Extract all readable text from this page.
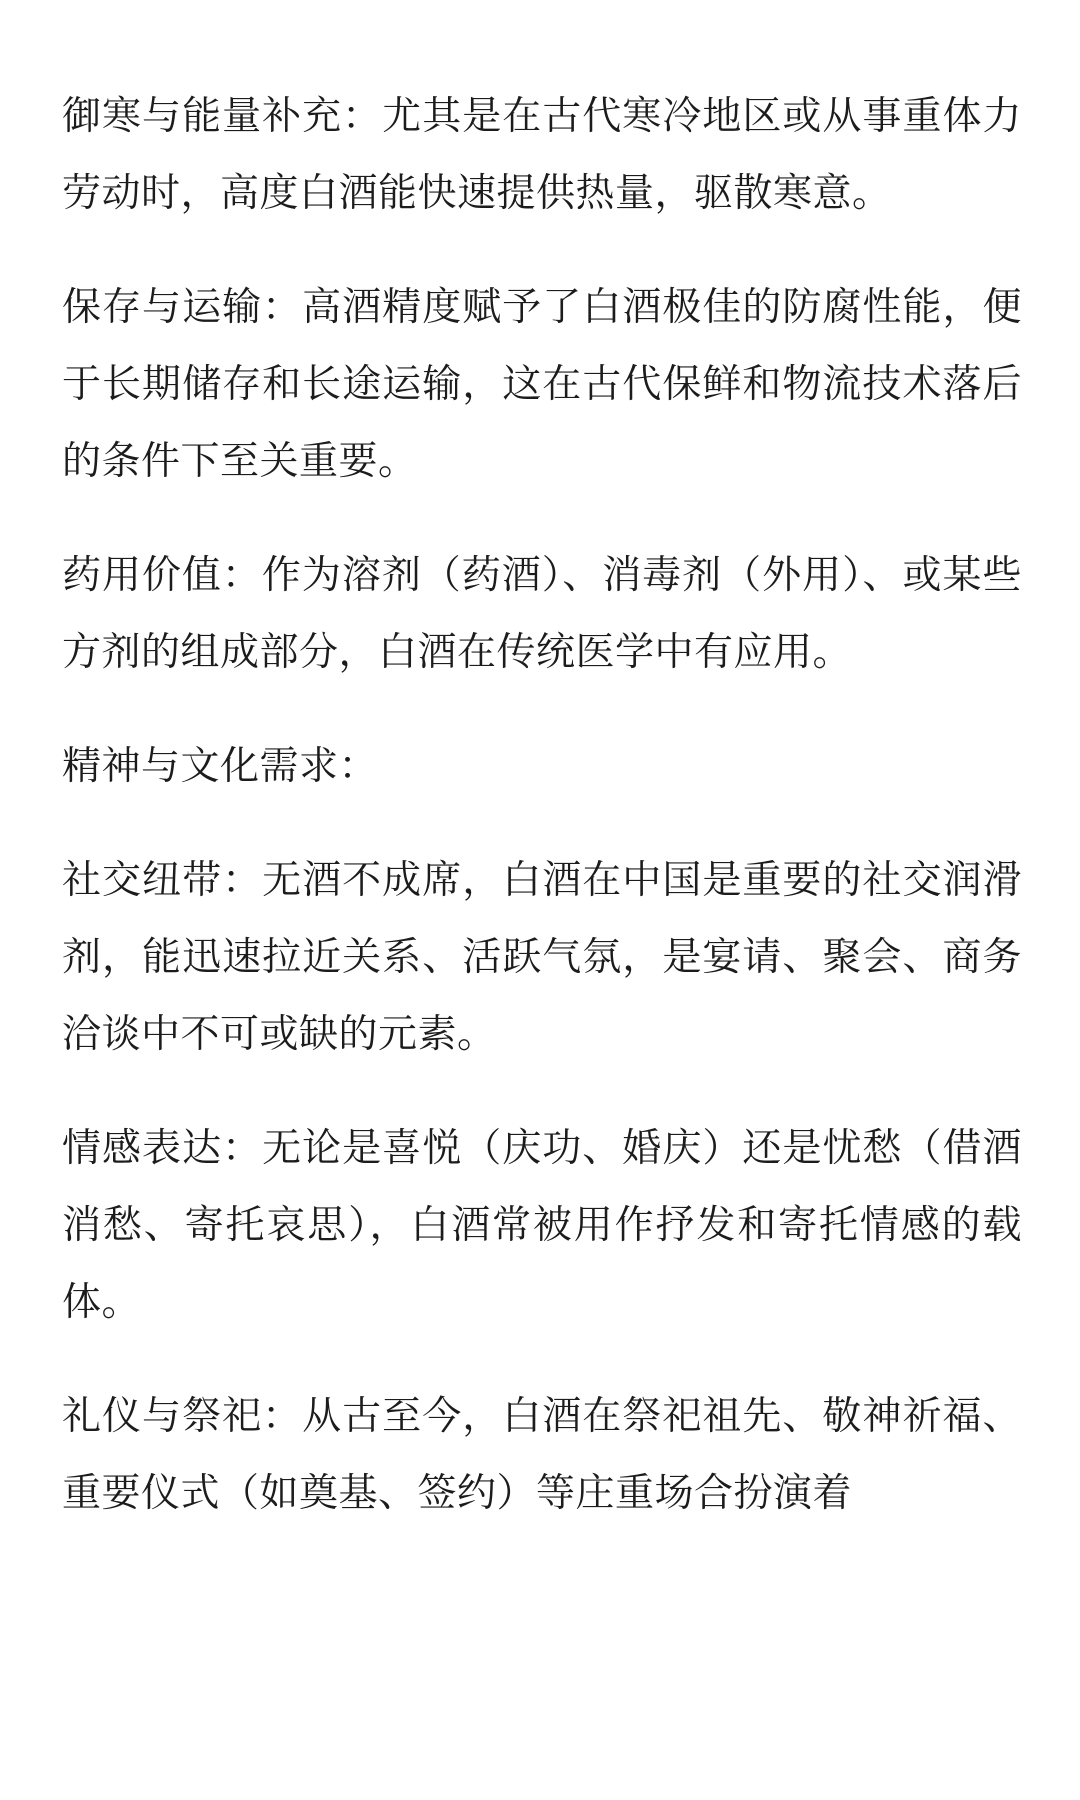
御寒与能量补充：尤其是在古代寒冷地区或从事重体力劳动时，高度白酒能快速提供热量，驱散寒意。

保存与运输：高酒精度赋予了白酒极佳的防腐性能，便于长期储存和长途运输，这在古代保鲜和物流技术落后的条件下至关重要。

药用价值：作为溶剂（药酒）、消毒剂（外用）、或某些方剂的组成部分，白酒在传统医学中有应用。

精神与文化需求：

社交纽带：无酒不成席，白酒在中国是重要的社交润滑剂，能迅速拉近关系、活跃气氛，是宴请、聚会、商务洽谈中不可或缺的元素。

情感表达：无论是喜悦（庆功、婚庆）还是忧愁（借酒消愁、寄托哀思），白酒常被用作抒发和寄托情感的载体。

礼仪与祭祀：从古至今，白酒在祭祀祖先、敬神祈福、重要仪式（如奠基、签约）等庄重场合扮演着
